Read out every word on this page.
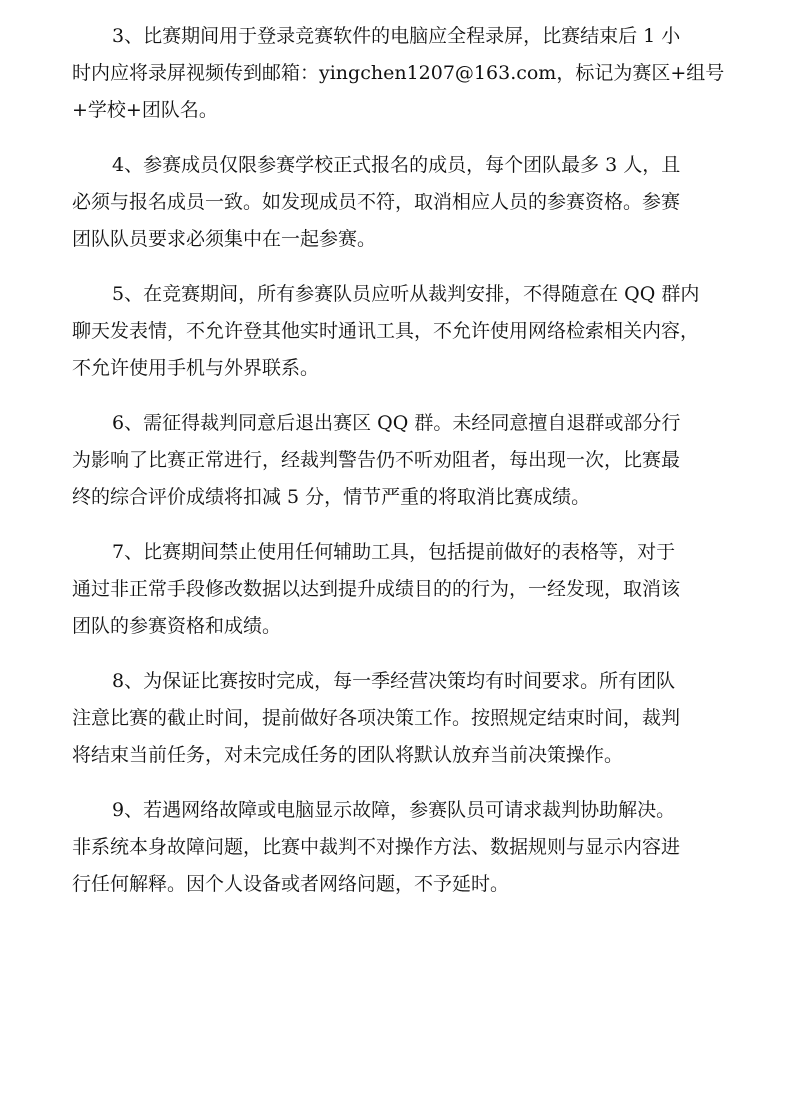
3、比赛期间用于登录竞赛软件的电脑应全程录屏，比赛结束后 1 小
时内应将录屏视频传到邮箱：yingchen1207@163.com，标记为赛区+组号
+学校+团队名。
4、参赛成员仅限参赛学校正式报名的成员，每个团队最多 3 人，且
必须与报名成员一致。如发现成员不符，取消相应人员的参赛资格。参赛
团队队员要求必须集中在一起参赛。
5、在竞赛期间，所有参赛队员应听从裁判安排，不得随意在 QQ 群内
聊天发表情，不允许登其他实时通讯工具，不允许使用网络检索相关内容，
不允许使用手机与外界联系。
6、需征得裁判同意后退出赛区 QQ 群。未经同意擅自退群或部分行
为影响了比赛正常进行，经裁判警告仍不听劝阻者，每出现一次，比赛最
终的综合评价成绩将扣减 5 分，情节严重的将取消比赛成绩。
7、比赛期间禁止使用任何辅助工具，包括提前做好的表格等，对于
通过非正常手段修改数据以达到提升成绩目的的行为，一经发现，取消该
团队的参赛资格和成绩。
8、为保证比赛按时完成，每一季经营决策均有时间要求。所有团队
注意比赛的截止时间，提前做好各项决策工作。按照规定结束时间，裁判
将结束当前任务，对未完成任务的团队将默认放弃当前决策操作。
9、若遇网络故障或电脑显示故障，参赛队员可请求裁判协助解决。
非系统本身故障问题，比赛中裁判不对操作方法、数据规则与显示内容进
行任何解释。因个人设备或者网络问题，不予延时。
